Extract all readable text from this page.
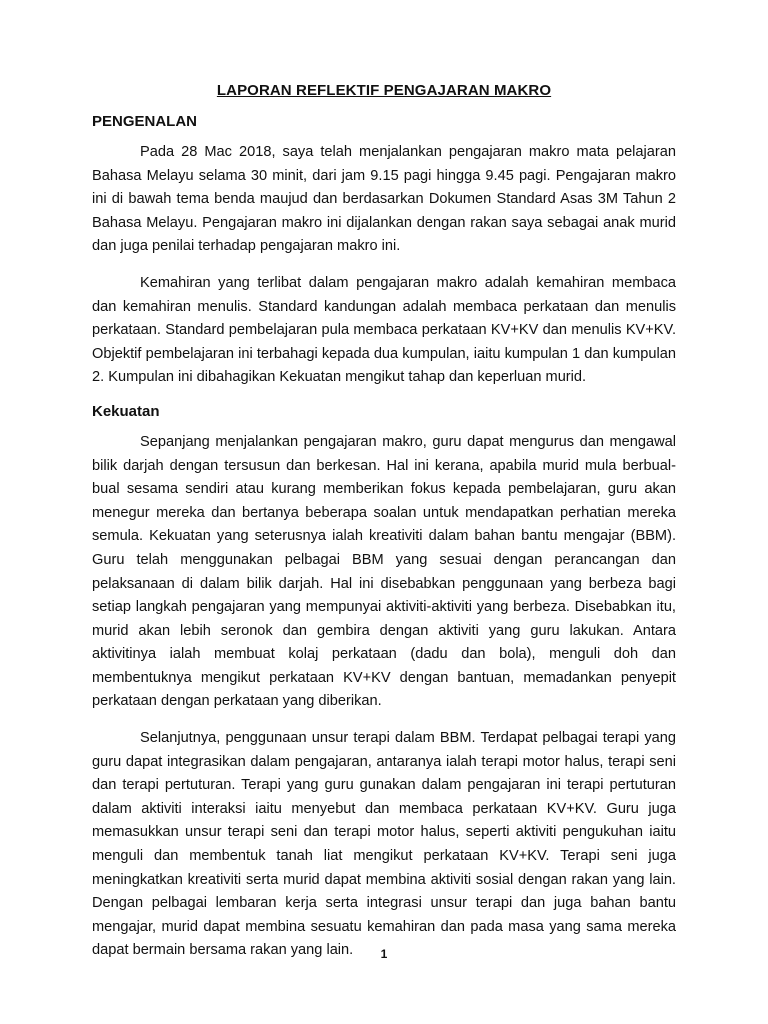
LAPORAN REFLEKTIF PENGAJARAN MAKRO
PENGENALAN

Pada 28 Mac 2018, saya telah menjalankan pengajaran makro mata pelajaran Bahasa Melayu selama 30 minit, dari jam 9.15 pagi hingga 9.45 pagi. Pengajaran makro ini di bawah tema benda maujud dan berdasarkan Dokumen Standard Asas 3M Tahun 2 Bahasa Melayu. Pengajaran makro ini dijalankan dengan rakan saya sebagai anak murid dan juga penilai terhadap pengajaran makro ini.

Kemahiran yang terlibat dalam pengajaran makro adalah kemahiran membaca dan kemahiran menulis. Standard kandungan adalah membaca perkataan dan menulis perkataan. Standard pembelajaran pula membaca perkataan KV+KV dan menulis KV+KV. Objektif pembelajaran ini terbahagi kepada dua kumpulan, iaitu kumpulan 1 dan kumpulan 2. Kumpulan ini dibahagikan Kekuatan mengikut tahap dan keperluan murid.

Kekuatan

Sepanjang menjalankan pengajaran makro, guru dapat mengurus dan mengawal bilik darjah dengan tersusun dan berkesan. Hal ini kerana, apabila murid mula berbual-bual sesama sendiri atau kurang memberikan fokus kepada pembelajaran, guru akan menegur mereka dan bertanya beberapa soalan untuk mendapatkan perhatian mereka semula. Kekuatan yang seterusnya ialah kreativiti dalam bahan bantu mengajar (BBM). Guru telah menggunakan pelbagai BBM yang sesuai dengan perancangan dan pelaksanaan di dalam bilik darjah. Hal ini disebabkan penggunaan yang berbeza bagi setiap langkah pengajaran yang mempunyai aktiviti-aktiviti yang berbeza. Disebabkan itu, murid akan lebih seronok dan gembira dengan aktiviti yang guru lakukan. Antara aktivitinya ialah membuat kolaj perkataan (dadu dan bola), menguli doh dan membentuknya mengikut perkataan KV+KV dengan bantuan, memadankan penyepit perkataan dengan perkataan yang diberikan.

Selanjutnya, penggunaan unsur terapi dalam BBM. Terdapat pelbagai terapi yang guru dapat integrasikan dalam pengajaran, antaranya ialah terapi motor halus, terapi seni dan terapi pertuturan. Terapi yang guru gunakan dalam pengajaran ini terapi pertuturan dalam aktiviti interaksi iaitu menyebut dan membaca perkataan KV+KV. Guru juga memasukkan unsur terapi seni dan terapi motor halus, seperti aktiviti pengukuhan iaitu menguli dan membentuk tanah liat mengikut perkataan KV+KV. Terapi seni juga meningkatkan kreativiti serta murid dapat membina aktiviti sosial dengan rakan yang lain. Dengan pelbagai lembaran kerja serta integrasi unsur terapi dan juga bahan bantu mengajar, murid dapat membina sesuatu kemahiran dan pada masa yang sama mereka dapat bermain bersama rakan yang lain.	1
